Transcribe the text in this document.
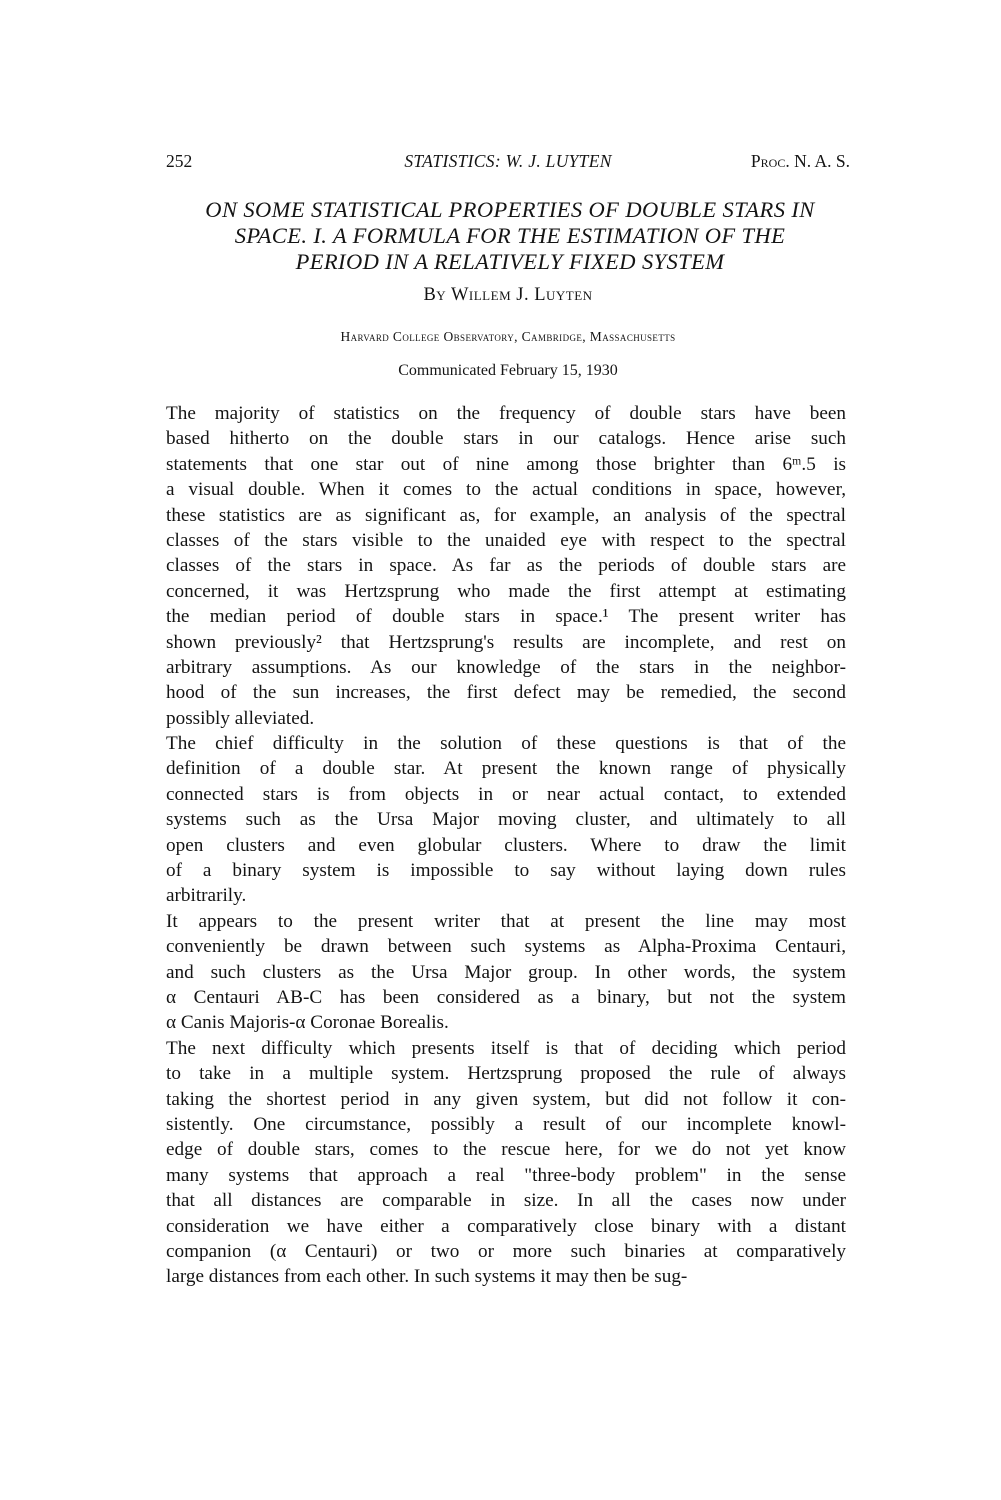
252	STATISTICS: W. J. LUYTEN	Proc. N. A. S.
ON SOME STATISTICAL PROPERTIES OF DOUBLE STARS IN
SPACE. I. A FORMULA FOR THE ESTIMATION OF THE
PERIOD IN A RELATIVELY FIXED SYSTEM
By Willem J. Luyten
Harvard College Observatory, Cambridge, Massachusetts
Communicated February 15, 1930
The majority of statistics on the frequency of double stars have been
based hitherto on the double stars in our catalogs. Hence arise such
statements that one star out of nine among those brighter than 6ᵐ.5 is
a visual double. When it comes to the actual conditions in space, however,
these statistics are as significant as, for example, an analysis of the spectral
classes of the stars visible to the unaided eye with respect to the spectral
classes of the stars in space. As far as the periods of double stars are
concerned, it was Hertzsprung who made the first attempt at estimating
the median period of double stars in space.¹ The present writer has
shown previously² that Hertzsprung's results are incomplete, and rest on
arbitrary assumptions. As our knowledge of the stars in the neighbor-
hood of the sun increases, the first defect may be remedied, the second
possibly alleviated.
The chief difficulty in the solution of these questions is that of the
definition of a double star. At present the known range of physically
connected stars is from objects in or near actual contact, to extended
systems such as the Ursa Major moving cluster, and ultimately to all
open clusters and even globular clusters. Where to draw the limit
of a binary system is impossible to say without laying down rules
arbitrarily.
It appears to the present writer that at present the line may most
conveniently be drawn between such systems as Alpha-Proxima Centauri,
and such clusters as the Ursa Major group. In other words, the system
α Centauri AB-C has been considered as a binary, but not the system
α Canis Majoris-α Coronae Borealis.
The next difficulty which presents itself is that of deciding which period
to take in a multiple system. Hertzsprung proposed the rule of always
taking the shortest period in any given system, but did not follow it con-
sistently. One circumstance, possibly a result of our incomplete knowl-
edge of double stars, comes to the rescue here, for we do not yet know
many systems that approach a real "three-body problem" in the sense
that all distances are comparable in size. In all the cases now under
consideration we have either a comparatively close binary with a distant
companion (α Centauri) or two or more such binaries at comparatively
large distances from each other. In such systems it may then be sug-
